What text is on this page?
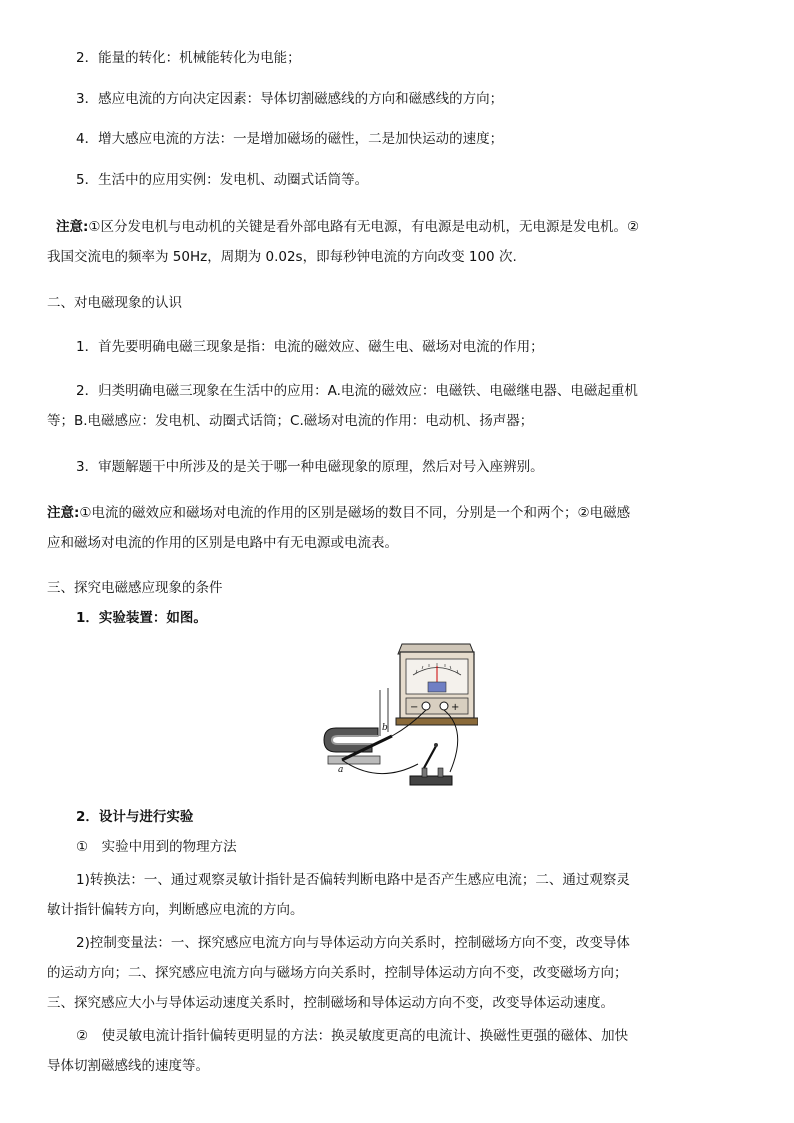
2．能量的转化：机械能转化为电能；
3．感应电流的方向决定因素：导体切割磁感线的方向和磁感线的方向；
4．增大感应电流的方法：一是增加磁场的磁性，二是加快运动的速度；
5．生活中的应用实例：发电机、动圈式话筒等。
注意:①区分发电机与电动机的关键是看外部电路有无电源，有电源是电动机，无电源是发电机。②
我国交流电的频率为 50Hz，周期为 0.02s，即每秒钟电流的方向改变 100 次.
二、对电磁现象的认识
1．首先要明确电磁三现象是指：电流的磁效应、磁生电、磁场对电流的作用；
2．归类明确电磁三现象在生活中的应用：A.电流的磁效应：电磁铁、电磁继电器、电磁起重机
等；B.电磁感应：发电机、动圈式话筒；C.磁场对电流的作用：电动机、扬声器；
3．审题解题干中所涉及的是关于哪一种电磁现象的原理，然后对号入座辨别。
注意:①电流的磁效应和磁场对电流的作用的区别是磁场的数目不同，分别是一个和两个；②电磁感
应和磁场对电流的作用的区别是电路中有无电源或电流表。
三、探究电磁感应现象的条件
1．实验装置：如图。
−	+
a
b
2．设计与进行实验
①　实验中用到的物理方法
1)转换法：一、通过观察灵敏计指针是否偏转判断电路中是否产生感应电流；二、通过观察灵
敏计指针偏转方向，判断感应电流的方向。
2)控制变量法：一、探究感应电流方向与导体运动方向关系时，控制磁场方向不变，改变导体
的运动方向；二、探究感应电流方向与磁场方向关系时，控制导体运动方向不变，改变磁场方向；
三、探究感应大小与导体运动速度关系时，控制磁场和导体运动方向不变，改变导体运动速度。
②　使灵敏电流计指针偏转更明显的方法：换灵敏度更高的电流计、换磁性更强的磁体、加快
导体切割磁感线的速度等。
